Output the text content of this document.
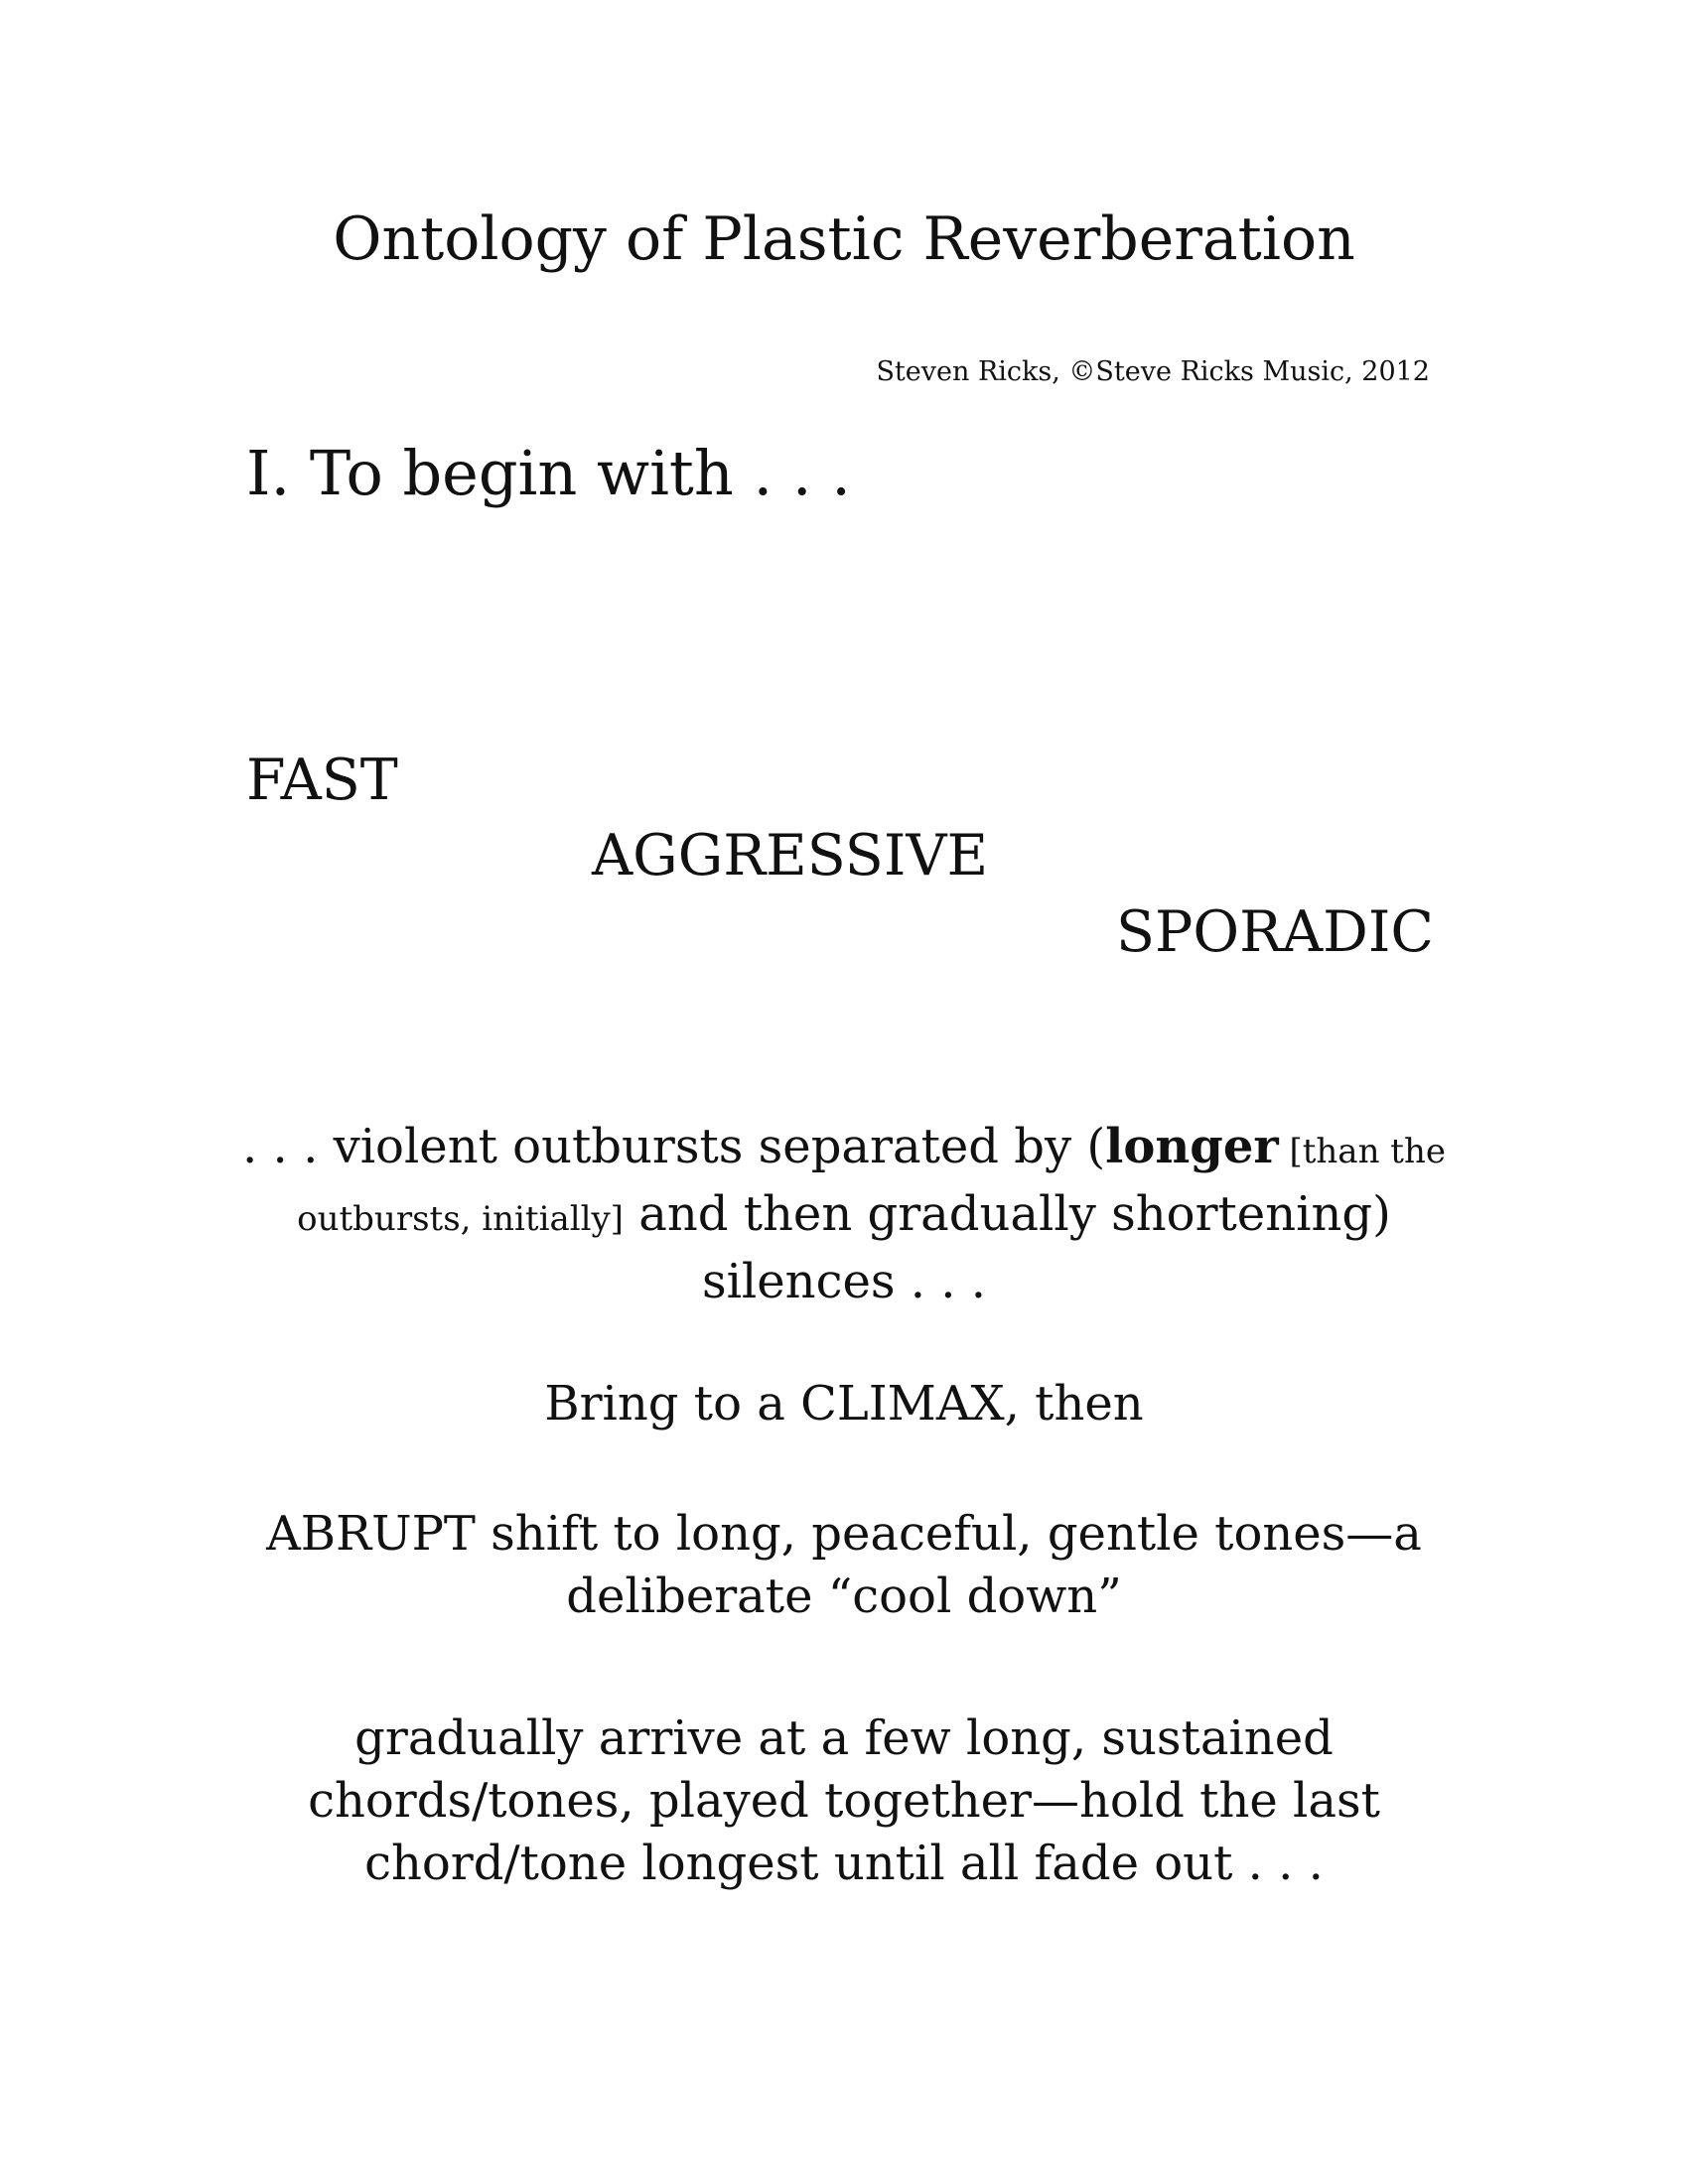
Ontology of Plastic Reverberation
Steven Ricks, ©Steve Ricks Music, 2012
I. To begin with . . .
FAST
AGGRESSIVE
SPORADIC
. . . violent outbursts separated by (longer [than the
outbursts, initially] and then gradually shortening)
silences . . .
Bring to a CLIMAX, then
ABRUPT shift to long, peaceful, gentle tones—a
deliberate “cool down”
gradually arrive at a few long, sustained
chords/tones, played together—hold the last
chord/tone longest until all fade out . . .
